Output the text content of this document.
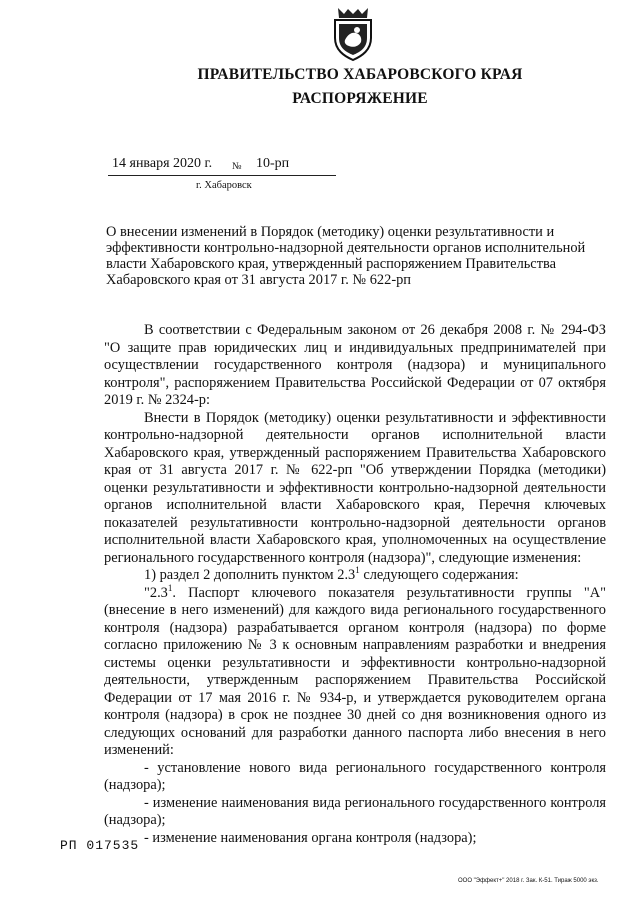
ПРАВИТЕЛЬСТВО ХАБАРОВСКОГО КРАЯ
РАСПОРЯЖЕНИЕ
14 января 2020 г. № 10-рп
г. Хабаровск
О внесении изменений в Порядок (методику) оценки результативности и эффективности контрольно-надзорной деятельности органов исполнительной власти Хабаровского края, утвержденный распоряжением Правительства Хабаровского края от 31 августа 2017 г. № 622-рп

В соответствии с Федеральным законом от 26 декабря 2008 г. № 294-ФЗ "О защите прав юридических лиц и индивидуальных предпринимателей при осуществлении государственного контроля (надзора) и муниципального контроля", распоряжением Правительства Российской Федерации от 07 октября 2019 г. № 2324-р:

Внести в Порядок (методику) оценки результативности и эффективности контрольно-надзорной деятельности органов исполнительной власти Хабаровского края, утвержденный распоряжением Правительства Хабаровского края от 31 августа 2017 г. № 622-рп "Об утверждении Порядка (методики) оценки результативности и эффективности контрольно-надзорной деятельности органов исполнительной власти Хабаровского края, Перечня ключевых показателей результативности контрольно-надзорной деятельности органов исполнительной власти Хабаровского края, уполномоченных на осуществление регионального государственного контроля (надзора)", следующие изменения:

1) раздел 2 дополнить пунктом $2.3^1$ следующего содержания:

"$2.3^1$. Паспорт ключевого показателя результативности группы "А" (внесение в него изменений) для каждого вида регионального государственного контроля (надзора) разрабатывается органом контроля (надзора) по форме согласно приложению № 3 к основным направлениям разработки и внедрения системы оценки результативности и эффективности контрольно-надзорной деятельности, утвержденным распоряжением Правительства Российской Федерации от 17 мая 2016 г. № 934-р, и утверждается руководителем органа контроля (надзора) в срок не позднее 30 дней со дня возникновения одного из следующих оснований для разработки данного паспорта либо внесения в него изменений:

- установление нового вида регионального государственного контроля (надзора);

- изменение наименования вида регионального государственного контроля (надзора);

- изменение наименования органа контроля (надзора);

РП 017535
ООО "Эффект+" 2018 г. Зак. К-51. Тираж 5000 экз.
